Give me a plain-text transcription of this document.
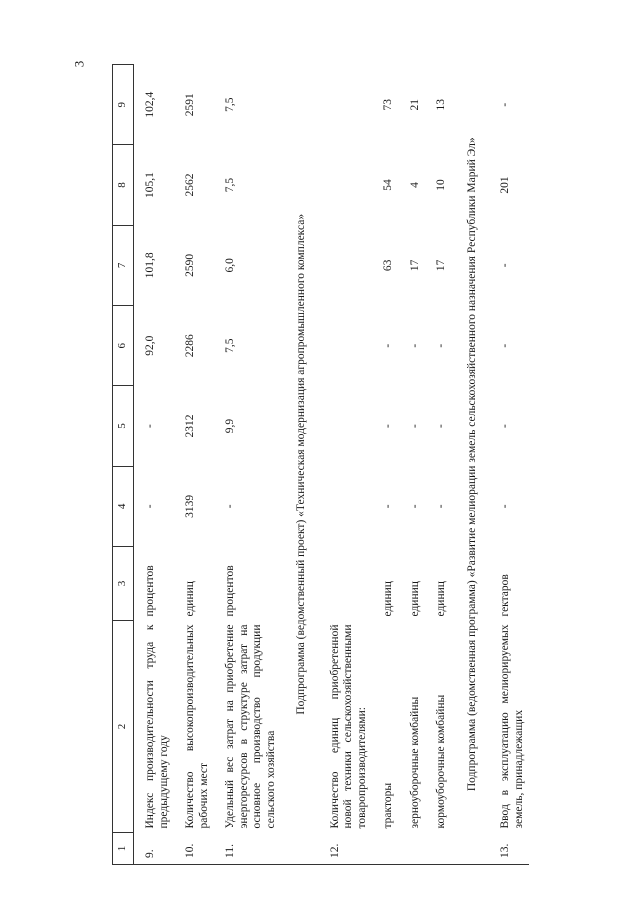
3
1	2	3	4	5	6	7	8	9
9.	Индекс производительности труда к предыдущему году	процентов	-	-	92,0	101,8	105,1	102,4
10.	Количество высокопроизводительных рабочих мест	единиц	3139	2312	2286	2590	2562	2591
11.	Удельный вес затрат на приобретение энергоресурсов в структуре затрат на основное производство продукции сельского хозяйства	процентов	-	9,9	7,5	6,0	7,5	7,5
Подпрограмма (ведомственный проект) «Техническая модернизация агропромышленного комплекса»								
12.	Количество единиц приобретенной новой техники сельскохозяйственными товаропроизводителями:							
	тракторы	единиц	-	-	-	63	54	73
	зерноуборочные комбайны	единиц	-	-	-	17	4	21
	кормоуборочные комбайны	единиц	-	-	-	17	10	13
Подпрограмма (ведомственная программа) «Развитие мелиорации земель сельскохозяйственного назначения Республики Марий Эл»								
13.	Ввод в эксплуатацию мелиорируемых земель, принадлежащих	гектаров	-	-	-	-	201	-
